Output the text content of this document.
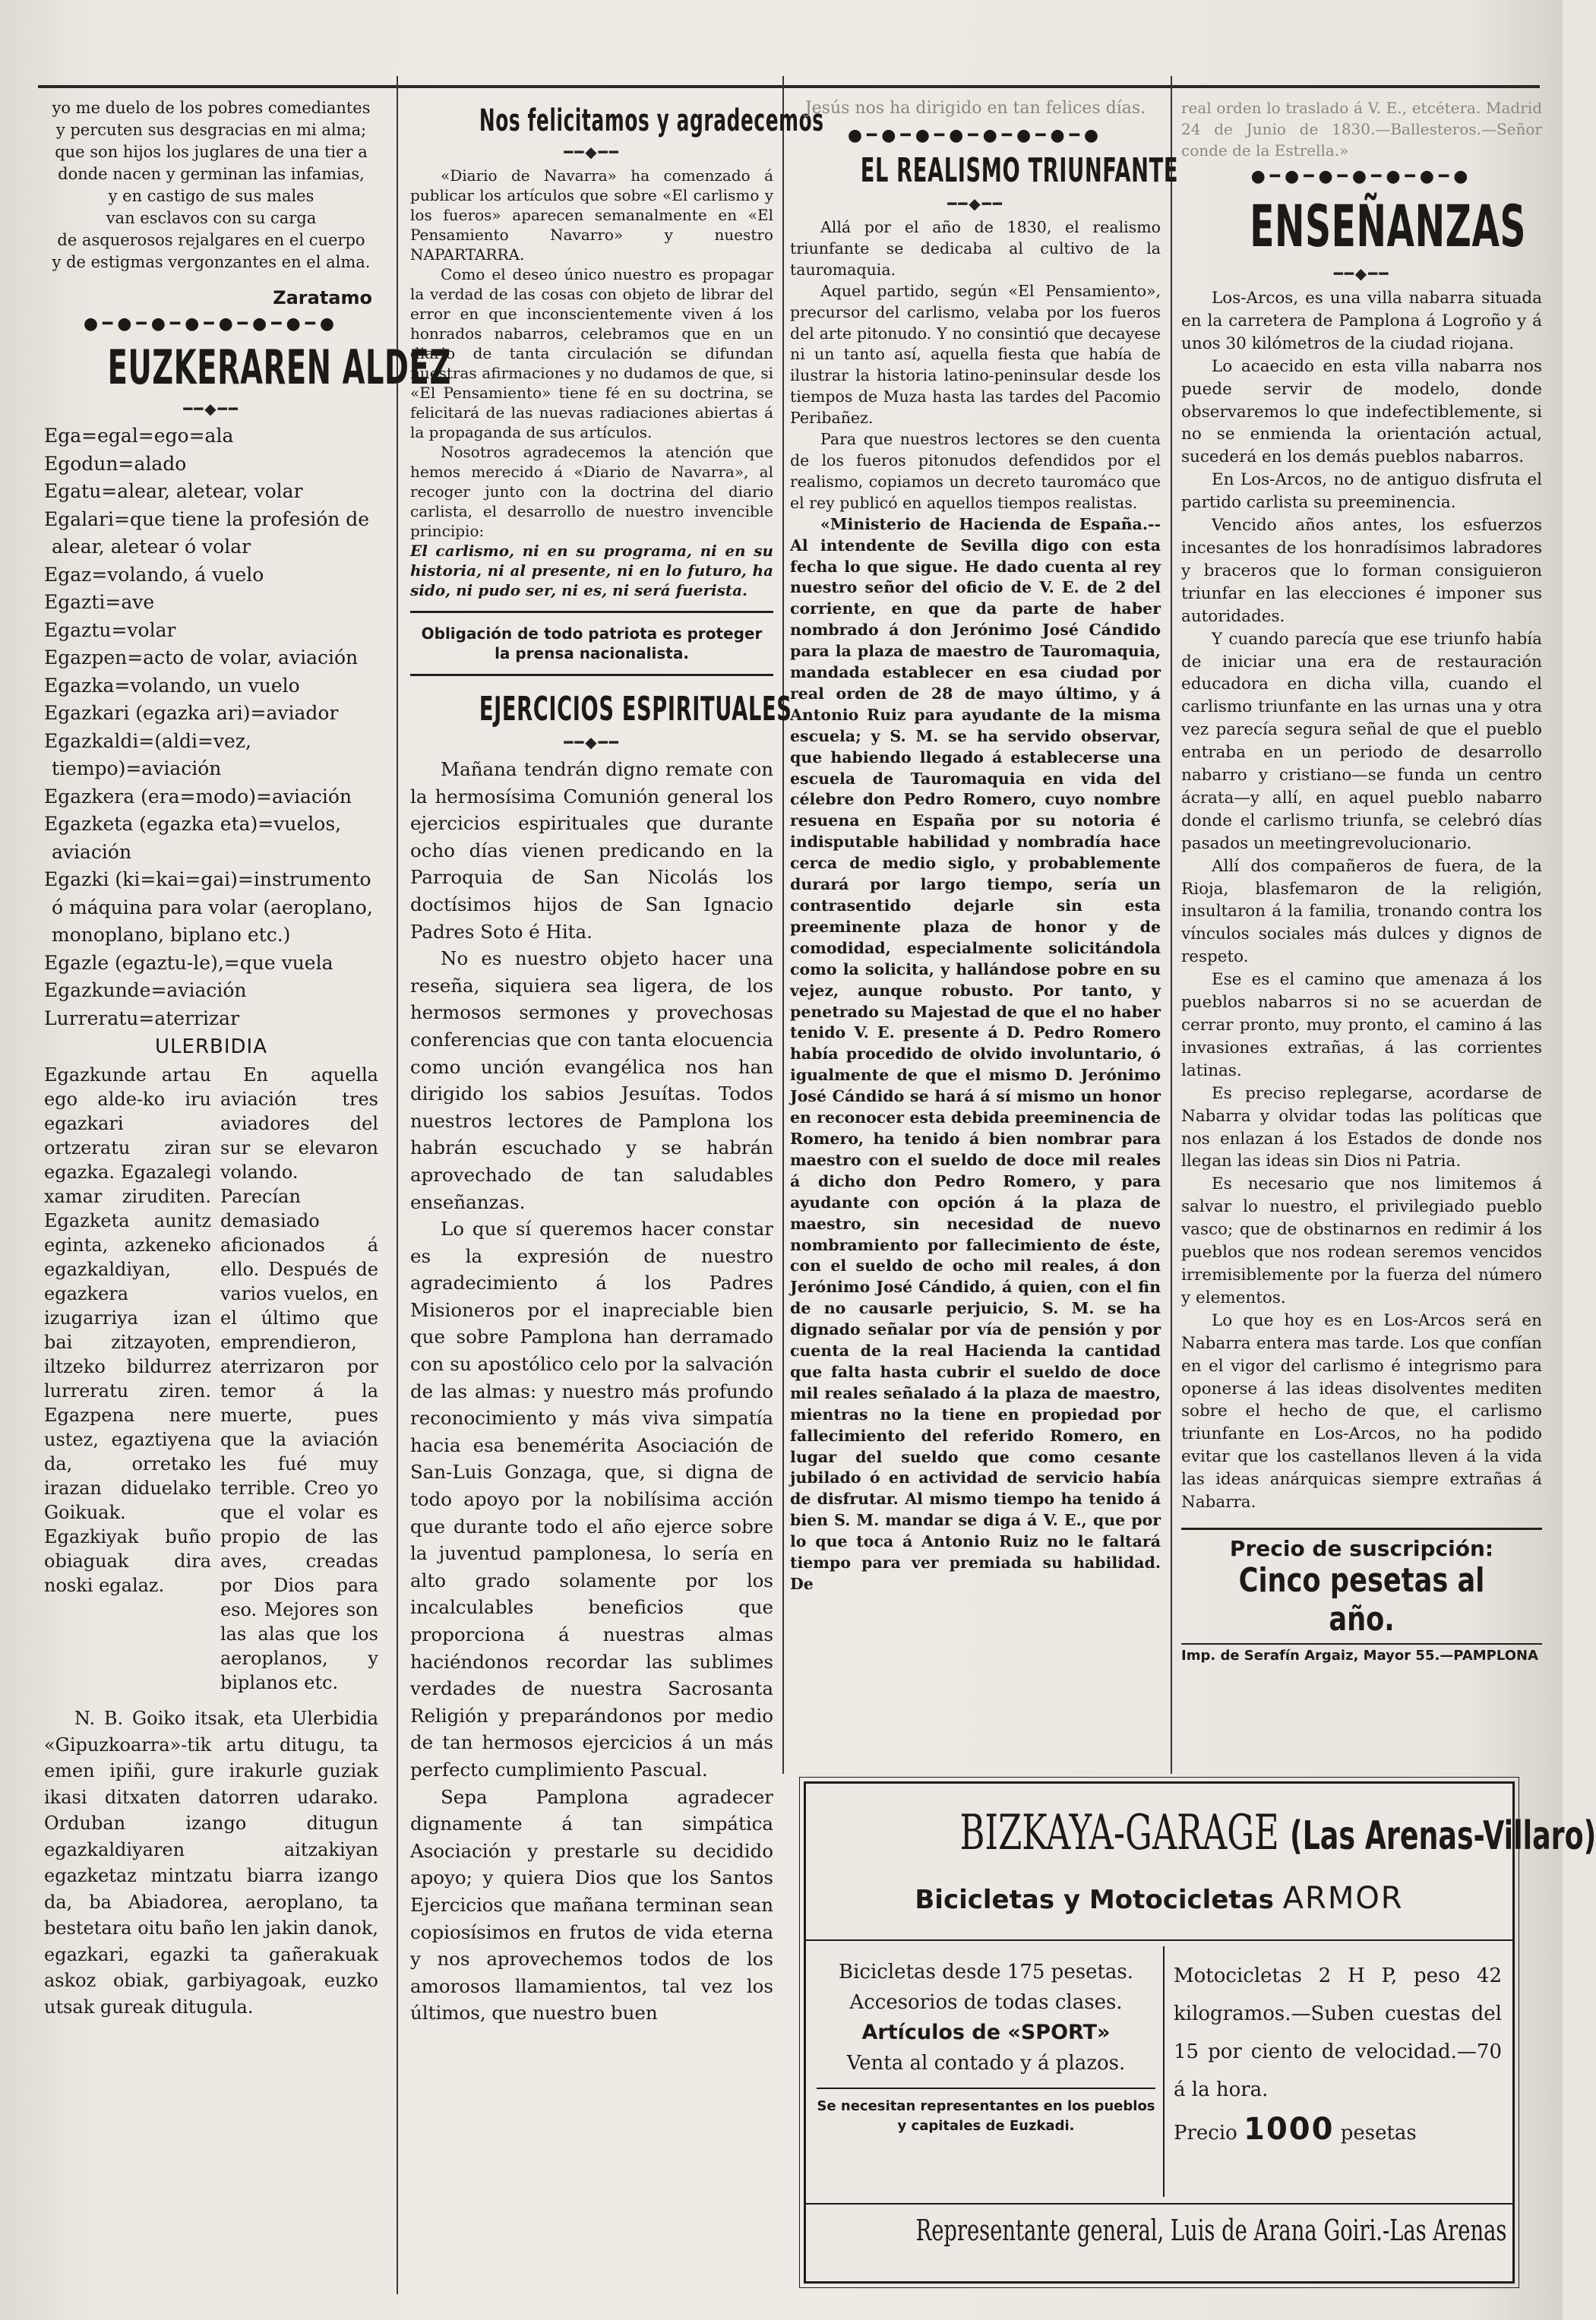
yo me duelo de los pobres comediantes
y percuten sus desgracias en mi alma;
que son hijos los juglares de una tier a
donde nacen y germinan las infamias,
y en castigo de sus males
van esclavos con su carga
de asquerosos rejalgares en el cuerpo
y de estigmas vergonzantes en el alma.
Zaratamo
●━●━●━●━●━●━●━●
EUZKERAREN ALDEZ
━━◆━━
Ega=egal=ego=ala
Egodun=alado
Egatu=alear, aletear, volar
Egalari=que tiene la profesión de alear, aletear ó volar
Egaz=volando, á vuelo
Egazti=ave
Egaztu=volar
Egazpen=acto de volar, aviación
Egazka=volando, un vuelo
Egazkari (egazka ari)=aviador
Egazkaldi=(aldi=vez, tiempo)=aviación
Egazkera (era=modo)=aviación
Egazketa (egazka eta)=vuelos, aviación
Egazki (ki=kai=gai)=instrumento ó máquina para volar (aeroplano, monoplano, biplano etc.)
Egazle (egaztu-le),=que vuela
Egazkunde=aviación
Lurreratu=aterrizar
ULERBIDIA
Egazkunde artau ego alde-ko iru egazkari ortzeratu ziran egazka. Egazalegi xamar ziruditen. Egazketa aunitz eginta, azkeneko egazkaldiyan, egazkera izugarriya izan bai zitzayoten, iltzeko bildurrez lurreratu ziren. Egazpena nere ustez, egaztiyena da, orretako irazan diduelako Goikuak. Egazkiyak buño obiaguak dira noski egalaz.
En aquella aviación tres aviadores del sur se elevaron volando. Parecían demasiado aficionados á ello. Después de varios vuelos, en el último que emprendieron, aterrizaron por temor á la muerte, pues que la aviación les fué muy terrible. Creo yo que el volar es propio de las aves, creadas por Dios para eso. Mejores son las alas que los aeroplanos, y biplanos etc.
N. B. Goiko itsak, eta Ulerbidia «Gipuzkoarra»-tik artu ditugu, ta emen ipiñi, gure irakurle guziak ikasi ditxaten datorren udarako. Orduban izango ditugun egazkaldiyaren aitzakiyan egazketaz mintzatu biarra izango da, ba Abiadorea, aeroplano, ta bestetara oitu baño len jakin danok, egazkari, egazki ta gañerakuak askoz obiak, garbiyagoak, euzko utsak gureak ditugula.
Nos felicitamos y agradecemos
━━◆━━

«Diario de Navarra» ha comenzado á publicar los artículos que sobre «El carlismo y los fueros» aparecen semanalmente en «El Pensamiento Navarro» y nuestro NAPARTARRA.

Como el deseo único nuestro es propagar la verdad de las cosas con objeto de librar del error en que inconscientemente viven á los honrados nabarros, celebramos que en un diario de tanta circulación se difundan nuestras afirmaciones y no dudamos de que, si «El Pensamiento» tiene fé en su doctrina, se felicitará de las nuevas radiaciones abiertas á la propaganda de sus artículos.

Nosotros agradecemos la atención que hemos merecido á «Diario de Navarra», al recoger junto con la doctrina del diario carlista, el desarrollo de nuestro invencible principio:

El carlismo, ni en su programa, ni en su historia, ni al presente, ni en lo futuro, ha sido, ni pudo ser, ni es, ni será fuerista.

Obligación de todo patriota es proteger la prensa nacionalista.
EJERCICIOS ESPIRITUALES
━━◆━━

Mañana tendrán digno remate con la hermosísima Comunión general los ejercicios espirituales que durante ocho días vienen predicando en la Parroquia de San Nicolás los doctísimos hijos de San Ignacio Padres Soto é Hita.

No es nuestro objeto hacer una reseña, siquiera sea ligera, de los hermosos sermones y provechosas conferencias que con tanta elocuencia como unción evangélica nos han dirigido los sabios Jesuítas. Todos nuestros lectores de Pamplona los habrán escuchado y se habrán aprovechado de tan saludables enseñanzas.

Lo que sí queremos hacer constar es la expresión de nuestro agradecimiento á los Padres Misioneros por el inapreciable bien que sobre Pamplona han derramado con su apostólico celo por la salvación de las almas: y nuestro más profundo reconocimiento y más viva simpatía hacia esa benemérita Asociación de San-Luis Gonzaga, que, si digna de todo apoyo por la nobilísima acción que durante todo el año ejerce sobre la juventud pamplonesa, lo sería en alto grado solamente por los incalculables beneficios que proporciona á nuestras almas haciéndonos recordar las sublimes verdades de nuestra Sacrosanta Religión y preparándonos por medio de tan hermosos ejercicios á un más perfecto cumplimiento Pascual.

Sepa Pamplona agradecer dignamente á tan simpática Asociación y prestarle su decidido apoyo; y quiera Dios que los Santos Ejercicios que mañana terminan sean copiosísimos en frutos de vida eterna y nos aprovechemos todos de los amorosos llamamientos, tal vez los últimos, que nuestro buen

Jesús nos ha dirigido en tan felices días.
●━●━●━●━●━●━●━●
EL REALISMO TRIUNFANTE
━━◆━━

Allá por el año de 1830, el realismo triunfante se dedicaba al cultivo de la tauromaquia.

Aquel partido, según «El Pensamiento», precursor del carlismo, velaba por los fueros del arte pitonudo. Y no consintió que decayese ni un tanto así, aquella fiesta que había de ilustrar la historia latino-peninsular desde los tiempos de Muza hasta las tardes del Pacomio Peribañez.

Para que nuestros lectores se den cuenta de los fueros pitonudos defendidos por el realismo, copiamos un decreto tauromáco que el rey publicó en aquellos tiempos realistas.

«Ministerio de Hacienda de España.--Al intendente de Sevilla digo con esta fecha lo que sigue. He dado cuenta al rey nuestro señor del oficio de V. E. de 2 del corriente, en que da parte de haber nombrado á don Jerónimo José Cándido para la plaza de maestro de Tauromaquia, mandada establecer en esa ciudad por real orden de 28 de mayo último, y á Antonio Ruiz para ayudante de la misma escuela; y S. M. se ha servido observar, que habiendo llegado á establecerse una escuela de Tauromaquia en vida del célebre don Pedro Romero, cuyo nombre resuena en España por su notoria é indisputable habilidad y nombradía hace cerca de medio siglo, y probablemente durará por largo tiempo, sería un contrasentido dejarle sin esta preeminente plaza de honor y de comodidad, especialmente solicitándola como la solicita, y hallándose pobre en su vejez, aunque robusto. Por tanto, y penetrado su Majestad de que el no haber tenido V. E. presente á D. Pedro Romero había procedido de olvido involuntario, ó igualmente de que el mismo D. Jerónimo José Cándido se hará á sí mismo un honor en reconocer esta debida preeminencia de Romero, ha tenido á bien nombrar para maestro con el sueldo de doce mil reales á dicho don Pedro Romero, y para ayudante con opción á la plaza de maestro, sin necesidad de nuevo nombramiento por fallecimiento de éste, con el sueldo de ocho mil reales, á don Jerónimo José Cándido, á quien, con el fin de no causarle perjuicio, S. M. se ha dignado señalar por vía de pensión y por cuenta de la real Hacienda la cantidad que falta hasta cubrir el sueldo de doce mil reales señalado á la plaza de maestro, mientras no la tiene en propiedad por fallecimiento del referido Romero, en lugar del sueldo que como cesante jubilado ó en actividad de servicio había de disfrutar. Al mismo tiempo ha tenido á bien S. M. mandar se diga á V. E., que por lo que toca á Antonio Ruiz no le faltará tiempo para ver premiada su habilidad. De

real orden lo traslado á V. E., etcétera. Madrid 24 de Junio de 1830.—Ballesteros.—Señor conde de la Estrella.»
●━●━●━●━●━●━●
ENSEÑANZAS
━━◆━━

Los-Arcos, es una villa nabarra situada en la carretera de Pamplona á Logroño y á unos 30 kilómetros de la ciudad riojana.

Lo acaecido en esta villa nabarra nos puede servir de modelo, donde observaremos lo que indefectiblemente, si no se enmienda la orientación actual, sucederá en los demás pueblos nabarros.

En Los-Arcos, no de antiguo disfruta el partido carlista su preeminencia.

Vencido años antes, los esfuerzos incesantes de los honradísimos labradores y braceros que lo forman consiguieron triunfar en las elecciones é imponer sus autoridades.

Y cuando parecía que ese triunfo había de iniciar una era de restauración educadora en dicha villa, cuando el carlismo triunfante en las urnas una y otra vez parecía segura señal de que el pueblo entraba en un periodo de desarrollo nabarro y cristiano—se funda un centro ácrata—y allí, en aquel pueblo nabarro donde el carlismo triunfa, se celebró días pasados un meetingrevolucionario.

Allí dos compañeros de fuera, de la Rioja, blasfemaron de la religión, insultaron á la familia, tronando contra los vínculos sociales más dulces y dignos de respeto.

Ese es el camino que amenaza á los pueblos nabarros si no se acuerdan de cerrar pronto, muy pronto, el camino á las invasiones extrañas, á las corrientes latinas.

Es preciso replegarse, acordarse de Nabarra y olvidar todas las políticas que nos enlazan á los Estados de donde nos llegan las ideas sin Dios ni Patria.

Es necesario que nos limitemos á salvar lo nuestro, el privilegiado pueblo vasco; que de obstinarnos en redimir á los pueblos que nos rodean seremos vencidos irremisiblemente por la fuerza del número y elementos.

Lo que hoy es en Los-Arcos será en Nabarra entera mas tarde. Los que confían en el vigor del carlismo é integrismo para oponerse á las ideas disolventes mediten sobre el hecho de que, el carlismo triunfante en Los-Arcos, no ha podido evitar que los castellanos lleven á la vida las ideas anárquicas siempre extrañas á Nabarra.

Precio de suscripción:
Cinco pesetas al año.
Imp. de Serafín Argaiz, Mayor 55.—PAMPLONA
BIZKAYA-GARAGE (Las Arenas-Villaro)
Bicicletas y Motocicletas ARMOR
Bicicletas desde 175 pesetas.
Accesorios de todas clases.
Artículos de «SPORT»
Venta al contado y á plazos.
Se necesitan representantes en los pueblos y capitales de Euzkadi.
Motocicletas 2 H P, peso 42 kilogramos.—Suben cuestas del 15 por ciento de velocidad.—70 á la hora.
Precio 1000 pesetas
Representante general, Luis de Arana Goiri.-Las Arenas
